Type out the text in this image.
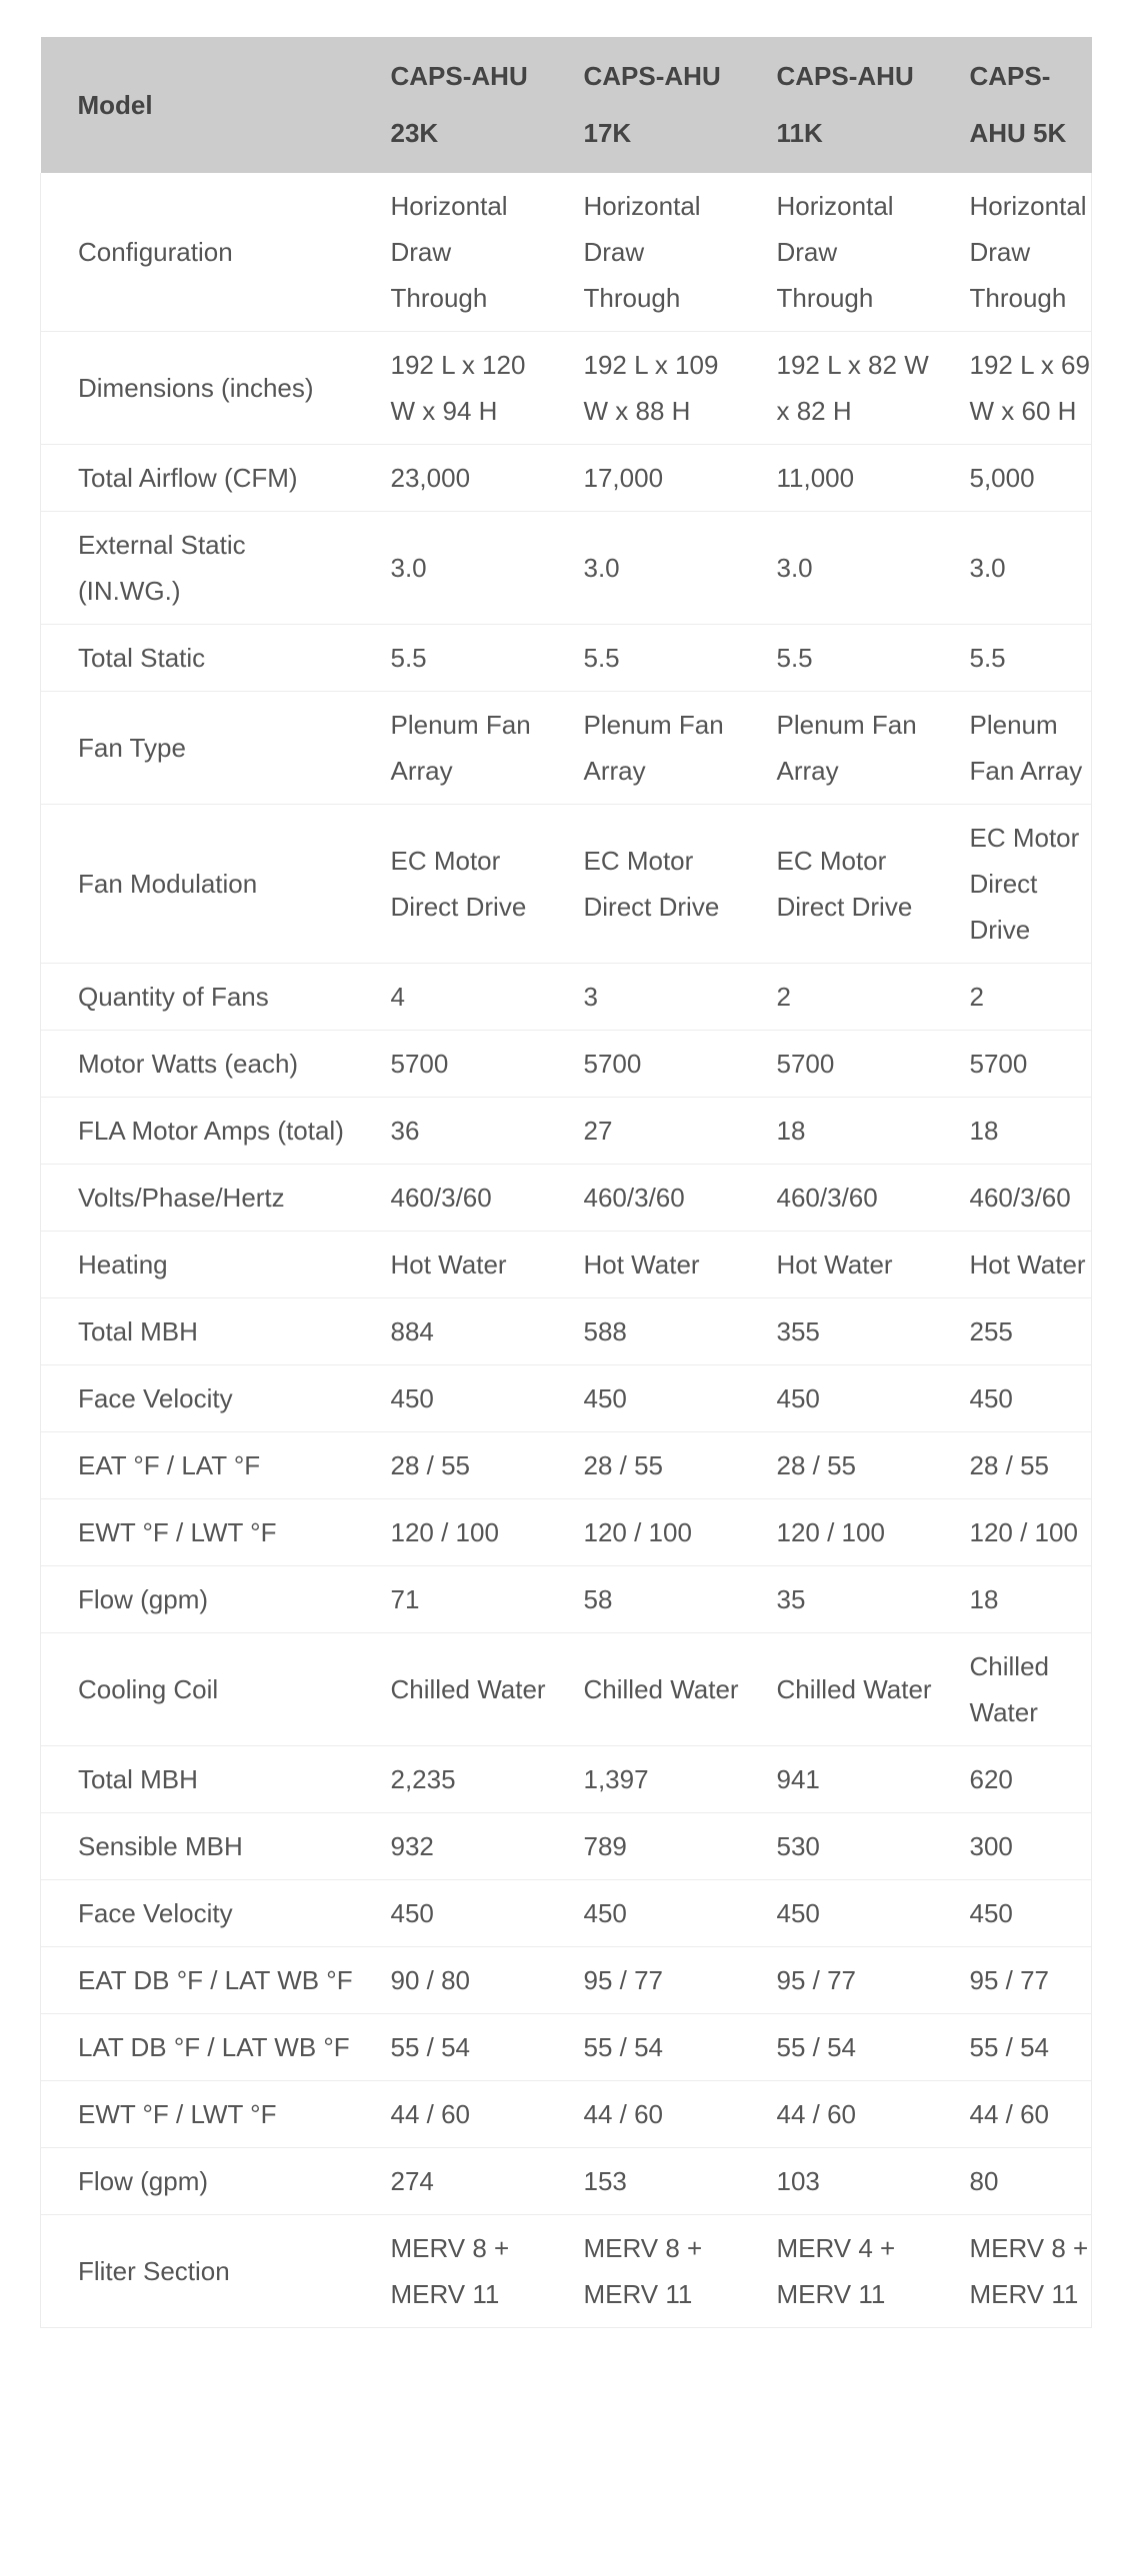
Model	CAPS-AHU 23K	CAPS-AHU 17K	CAPS-AHU 11K	CAPS-AHU 5K
Configuration	Horizontal Draw Through	Horizontal Draw Through	Horizontal Draw Through	Horizontal Draw Through
Dimensions (inches)	192 L x 120 W x 94 H	192 L x 109 W x 88 H	192 L x 82 W x 82 H	192 L x 69 W x 60 H
Total Airflow (CFM)	23,000	17,000	11,000	5,000
External Static (IN.WG.)	3.0	3.0	3.0	3.0
Total Static	5.5	5.5	5.5	5.5
Fan Type	Plenum Fan Array	Plenum Fan Array	Plenum Fan Array	Plenum Fan Array
Fan Modulation	EC Motor Direct Drive	EC Motor Direct Drive	EC Motor Direct Drive	EC Motor Direct Drive
Quantity of Fans	4	3	2	2
Motor Watts (each)	5700	5700	5700	5700
FLA Motor Amps (total)	36	27	18	18
Volts/Phase/Hertz	460/3/60	460/3/60	460/3/60	460/3/60
Heating	Hot Water	Hot Water	Hot Water	Hot Water
Total MBH	884	588	355	255
Face Velocity	450	450	450	450
EAT °F / LAT °F	28 / 55	28 / 55	28 / 55	28 / 55
EWT °F / LWT °F	120 / 100	120 / 100	120 / 100	120 / 100
Flow (gpm)	71	58	35	18
Cooling Coil	Chilled Water	Chilled Water	Chilled Water	Chilled Water
Total MBH	2,235	1,397	941	620
Sensible MBH	932	789	530	300
Face Velocity	450	450	450	450
EAT DB °F / LAT WB °F	90 / 80	95 / 77	95 / 77	95 / 77
LAT DB °F / LAT WB °F	55 / 54	55 / 54	55 / 54	55 / 54
EWT °F / LWT °F	44 / 60	44 / 60	44 / 60	44 / 60
Flow (gpm)	274	153	103	80
Fliter Section	MERV 8 + MERV 11	MERV 8 + MERV 11	MERV 4 + MERV 11	MERV 8 + MERV 11
